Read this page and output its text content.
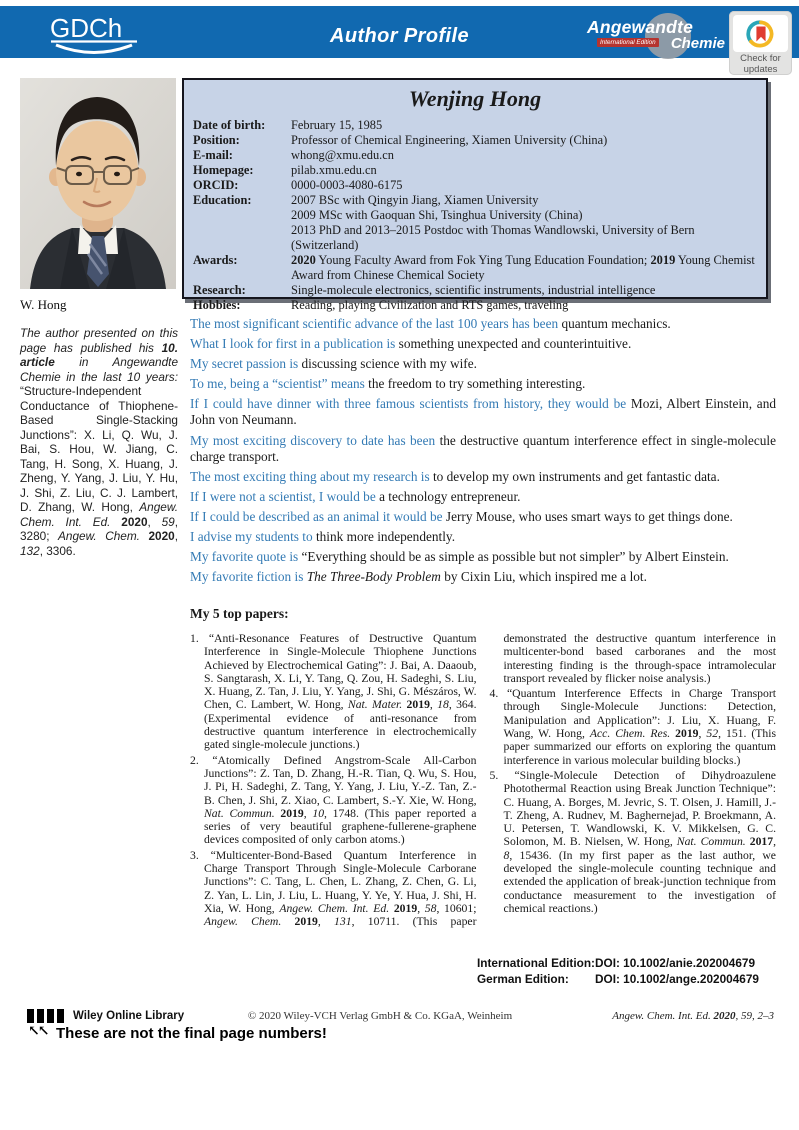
GDCh	Author Profile	Angewandte
International Edition Chemie
Check for
updates
W. Hong
Wenjing Hong
Date of birth:	February 15, 1985
Position:	Professor of Chemical Engineering, Xiamen University (China)
E-mail:	whong@xmu.edu.cn
Homepage:	pilab.xmu.edu.cn
ORCID:	0000-0003-4080-6175
Education:	2007 BSc with Qingyin Jiang, Xiamen University
2009 MSc with Gaoquan Shi, Tsinghua University (China)
2013 PhD and 2013–2015 Postdoc with Thomas Wandlowski, University of Bern (Switzerland)
Awards:	2020 Young Faculty Award from Fok Ying Tung Education Foundation; 2019 Young Chemist
Award from Chinese Chemical Society
Research:	Single-molecule electronics, scientific instruments, industrial intelligence
Hobbies:	Reading, playing Civilization and RTS games, traveling
The author presented on this page has published his 10. article in Angewandte Chemie in the last 10 years: “Structure-Independent Conductance of Thiophene-Based Single-Stacking Junctions”: X. Li, Q. Wu, J. Bai, S. Hou, W. Jiang, C. Tang, H. Song, X. Huang, J. Zheng, Y. Yang, J. Liu, Y. Hu, J. Shi, Z. Liu, C. J. Lambert, D. Zhang, W. Hong, Angew. Chem. Int. Ed. 2020, 59, 3280; Angew. Chem. 2020, 132, 3306.
The most significant scientific advance of the last 100 years has been quantum mechanics.
What I look for first in a publication is something unexpected and counterintuitive.
My secret passion is discussing science with my wife.
To me, being a “scientist” means the freedom to try something interesting.
If I could have dinner with three famous scientists from history, they would be Mozi, Albert Einstein, and John von Neumann.
My most exciting discovery to date has been the destructive quantum interference effect in single-molecule charge transport.
The most exciting thing about my research is to develop my own instruments and get fantastic data.
If I were not a scientist, I would be a technology entrepreneur.
If I could be described as an animal it would be Jerry Mouse, who uses smart ways to get things done.
I advise my students to think more independently.
My favorite quote is “Everything should be as simple as possible but not simpler” by Albert Einstein.
My favorite fiction is The Three-Body Problem by Cixin Liu, which inspired me a lot.
My 5 top papers:
1. “Anti-Resonance Features of Destructive Quantum Interference in Single-Molecule Thiophene Junctions Achieved by Electrochemical Gating”: J. Bai, A. Daaoub, S. Sangtarash, X. Li, Y. Tang, Q. Zou, H. Sadeghi, S. Liu, X. Huang, Z. Tan, J. Liu, Y. Yang, J. Shi, G. Mészáros, W. Chen, C. Lambert, W. Hong, Nat. Mater. 2019, 18, 364. (Experimental evidence of anti-resonance from destructive quantum interference in electrochemically gated single-molecule junctions.)
2. “Atomically Defined Angstrom-Scale All-Carbon Junctions”: Z. Tan, D. Zhang, H.-R. Tian, Q. Wu, S. Hou, J. Pi, H. Sadeghi, Z. Tang, Y. Yang, J. Liu, Y.-Z. Tan, Z.-B. Chen, J. Shi, Z. Xiao, C. Lambert, S.-Y. Xie, W. Hong, Nat. Commun. 2019, 10, 1748. (This paper reported a series of very beautiful graphene-fullerene-graphene devices composited of only carbon atoms.)
3. “Multicenter-Bond-Based Quantum Interference in Charge Transport Through Single-Molecule Carborane Junctions”: C. Tang, L. Chen, L. Zhang, Z. Chen, G. Li, Z. Yan, L. Lin, J. Liu, L. Huang, Y. Ye, Y. Hua, J. Shi, H. Xia, W. Hong, Angew. Chem. Int. Ed. 2019, 58, 10601; Angew. Chem. 2019, 131, 10711. (This paper demonstrated the destructive quantum interference in multicenter-bond based carboranes and the most interesting finding is the through-space intramolecular transport revealed by flicker noise analysis.)
4. “Quantum Interference Effects in Charge Transport through Single-Molecule Junctions: Detection, Manipulation and Application”: J. Liu, X. Huang, F. Wang, W. Hong, Acc. Chem. Res. 2019, 52, 151. (This paper summarized our efforts on exploring the quantum interference in various molecular building blocks.)
5. “Single-Molecule Detection of Dihydroazulene Photothermal Reaction using Break Junction Technique”: C. Huang, A. Borges, M. Jevric, S. T. Olsen, J. Hamill, J.-T. Zheng, A. Rudnev, M. Baghernejad, P. Broekmann, A. U. Petersen, T. Wandlowski, K. V. Mikkelsen, G. C. Solomon, M. B. Nielsen, W. Hong, Nat. Commun. 2017, 8, 15436. (In my first paper as the last author, we developed the single-molecule counting technique and extended the application of break-junction technique from conductance measurement to the investigation of chemical reactions.)
International Edition: DOI: 10.1002/anie.202004679
German Edition:	DOI: 10.1002/ange.202004679
Wiley Online Library	© 2020 Wiley-VCH Verlag GmbH & Co. KGaA, Weinheim	Angew. Chem. Int. Ed. 2020, 59, 2–3
↖↖ These are not the final page numbers!
